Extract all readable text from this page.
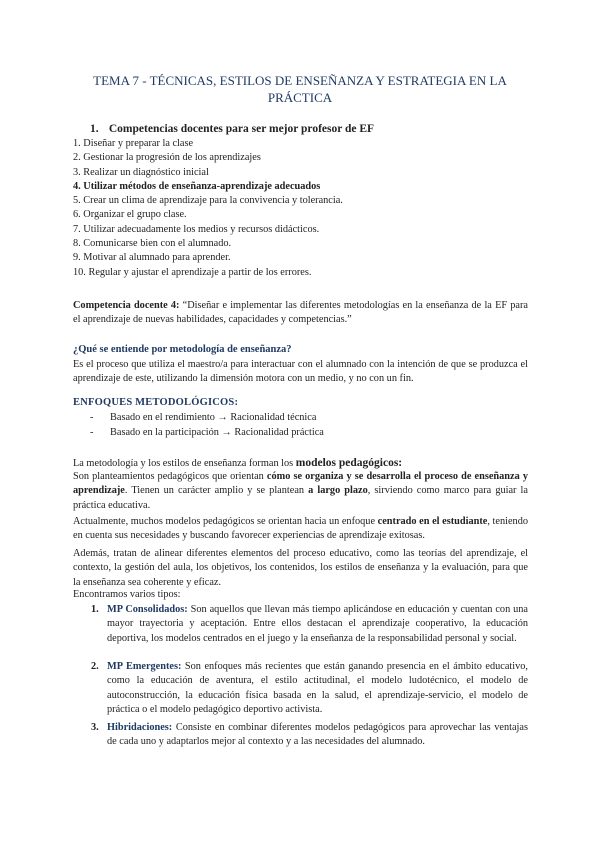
TEMA 7 - TÉCNICAS, ESTILOS DE ENSEÑANZA Y ESTRATEGIA EN LA PRÁCTICA
1. Competencias docentes para ser mejor profesor de EF
1. Diseñar y preparar la clase
2. Gestionar la progresión de los aprendizajes
3. Realizar un diagnóstico inicial
4. Utilizar métodos de enseñanza-aprendizaje adecuados
5. Crear un clima de aprendizaje para la convivencia y tolerancia.
6. Organizar el grupo clase.
7. Utilizar adecuadamente los medios y recursos didácticos.
8. Comunicarse bien con el alumnado.
9. Motivar al alumnado para aprender.
10. Regular y ajustar el aprendizaje a partir de los errores.
Competencia docente 4: “Diseñar e implementar las diferentes metodologías en la enseñanza de la EF para el aprendizaje de nuevas habilidades, capacidades y competencias.”
¿Qué se entiende por metodología de enseñanza?
Es el proceso que utiliza el maestro/a para interactuar con el alumnado con la intención de que se produzca el aprendizaje de este, utilizando la dimensión motora con un medio, y no con un fin.
ENFOQUES METODOLÓGICOS:
- Basado en el rendimiento → Racionalidad técnica
- Basado en la participación → Racionalidad práctica
La metodología y los estilos de enseñanza forman los modelos pedagógicos:
Son planteamientos pedagógicos que orientan cómo se organiza y se desarrolla el proceso de enseñanza y aprendizaje. Tienen un carácter amplio y se plantean a largo plazo, sirviendo como marco para guiar la práctica educativa.
Actualmente, muchos modelos pedagógicos se orientan hacia un enfoque centrado en el estudiante, teniendo en cuenta sus necesidades y buscando favorecer experiencias de aprendizaje exitosas.
Además, tratan de alinear diferentes elementos del proceso educativo, como las teorías del aprendizaje, el contexto, la gestión del aula, los objetivos, los contenidos, los estilos de enseñanza y la evaluación, para que la enseñanza sea coherente y eficaz.
Encontramos varios tipos:
1. MP Consolidados: Son aquellos que llevan más tiempo aplicándose en educación y cuentan con una mayor trayectoria y aceptación. Entre ellos destacan el aprendizaje cooperativo, la educación deportiva, los modelos centrados en el juego y la enseñanza de la responsabilidad personal y social.
2. MP Emergentes: Son enfoques más recientes que están ganando presencia en el ámbito educativo, como la educación de aventura, el estilo actitudinal, el modelo ludotécnico, el modelo de autoconstrucción, la educación física basada en la salud, el aprendizaje-servicio, el modelo de práctica o el modelo pedagógico deportivo activista.
3. Hibridaciones: Consiste en combinar diferentes modelos pedagógicos para aprovechar las ventajas de cada uno y adaptarlos mejor al contexto y a las necesidades del alumnado.
